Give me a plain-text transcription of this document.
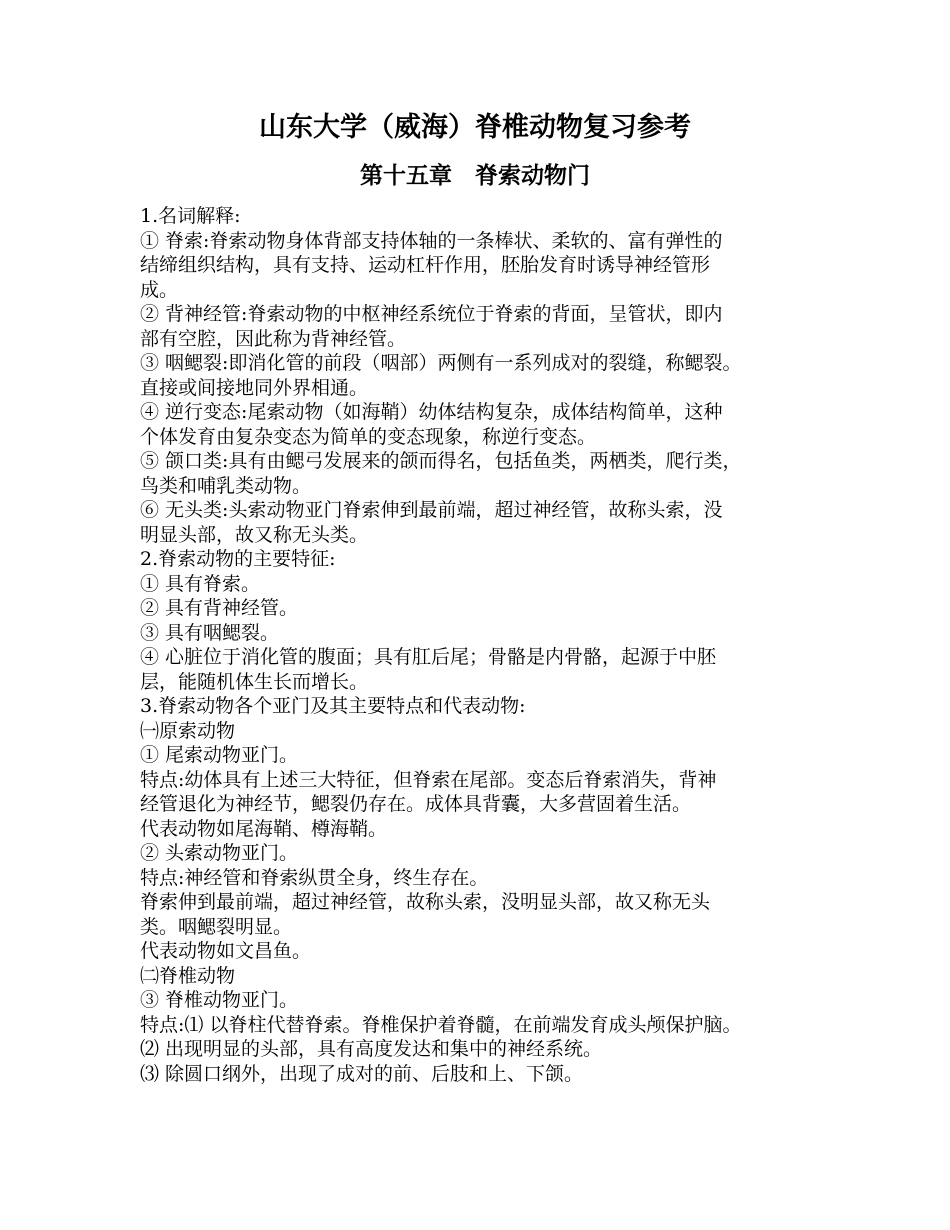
山东大学（威海）脊椎动物复习参考
第十五章　脊索动物门
1.名词解释:
① 脊索:脊索动物身体背部支持体轴的一条棒状、柔软的、富有弹性的
结缔组织结构，具有支持、运动杠杆作用，胚胎发育时诱导神经管形
成。
② 背神经管:脊索动物的中枢神经系统位于脊索的背面，呈管状，即内
部有空腔，因此称为背神经管。
③ 咽鳃裂:即消化管的前段（咽部）两侧有一系列成对的裂缝，称鳃裂。
直接或间接地同外界相通。
④ 逆行变态:尾索动物（如海鞘）幼体结构复杂，成体结构简单，这种
个体发育由复杂变态为简单的变态现象，称逆行变态。
⑤ 颌口类:具有由鳃弓发展来的颌而得名，包括鱼类，两栖类，爬行类，
鸟类和哺乳类动物。
⑥ 无头类:头索动物亚门脊索伸到最前端，超过神经管，故称头索，没
明显头部，故又称无头类。
2.脊索动物的主要特征:
① 具有脊索。
② 具有背神经管。
③ 具有咽鳃裂。
④ 心脏位于消化管的腹面；具有肛后尾；骨骼是内骨骼，起源于中胚
层，能随机体生长而增长。
3.脊索动物各个亚门及其主要特点和代表动物:
㈠原索动物
① 尾索动物亚门。
特点:幼体具有上述三大特征，但脊索在尾部。变态后脊索消失，背神
经管退化为神经节，鳃裂仍存在。成体具背囊，大多营固着生活。
代表动物如尾海鞘、樽海鞘。
② 头索动物亚门。
特点:神经管和脊索纵贯全身，终生存在。
脊索伸到最前端，超过神经管，故称头索，没明显头部，故又称无头
类。咽鳃裂明显。
代表动物如文昌鱼。
㈡脊椎动物
③ 脊椎动物亚门。
特点:⑴ 以脊柱代替脊索。脊椎保护着脊髓，在前端发育成头颅保护脑。
⑵ 出现明显的头部，具有高度发达和集中的神经系统。
⑶ 除圆口纲外，出现了成对的前、后肢和上、下颌。
